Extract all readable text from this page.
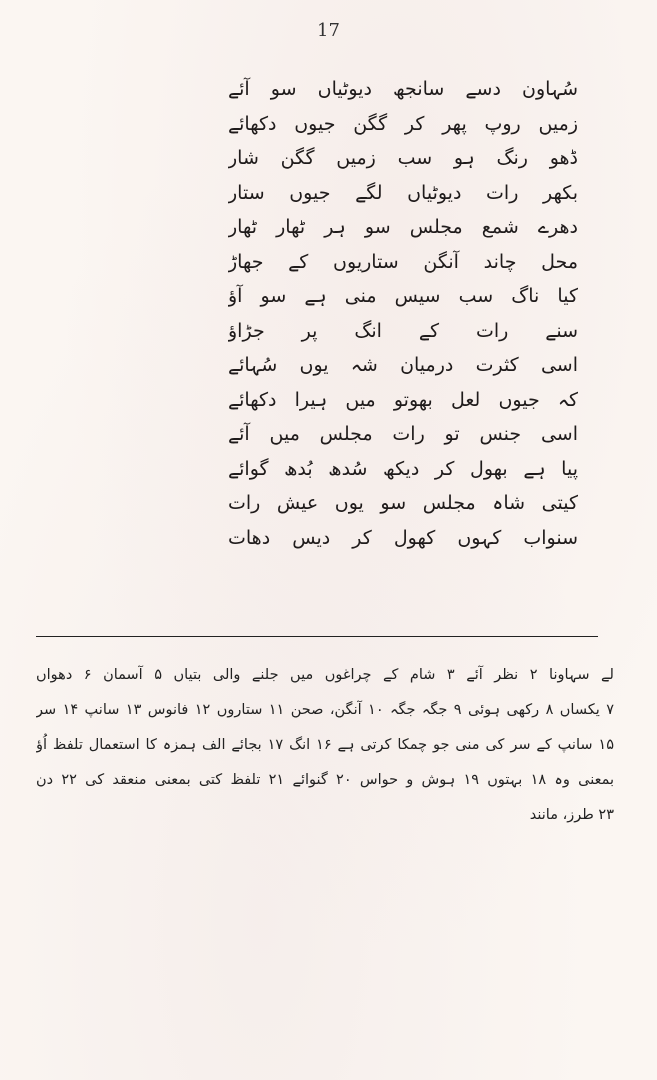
17
سُہاون دسے سانجھ دیوٹیاں سو آئے
زمیں روپ پھر کر گگن جیوں دکھائے
ڈھو رنگ ہو سب زمیں گگن شار
بکھر رات دیوٹیاں لگے جیوں ستار
دھرے شمع مجلس سو ہر ٹھار ٹھار
محل چاند آنگن ستاریوں کے جھاڑ
کیا ناگ سب سیس منی ہے سو آؤ
سنے رات کے انگ پر جڑاؤ
اسی کثرت درمیان شہ یوں سُہائے
کہ جیوں لعل بھوتو میں ہیرا دکھائے
اسی جنس تو رات مجلس میں آئے
پیا ہے بھول کر دیکھ سُدھ بُدھ گوائے
کیتی شاہ مجلس سو یوں عیش رات
سنواب کہوں کھول کر دیس دھات
لے سہاونا ۲ نظر آئے ۳ شام کے چراغوں میں جلنے والی بتیاں ۵ آسمان ۶ دھواں
۷ یکساں ۸ رکھی ہوئی ۹ جگہ جگہ ۱۰ آنگن، صحن ۱۱ ستاروں ۱۲ فانوس ۱۳ سانپ ۱۴ سر
۱۵ سانپ کے سر کی منی جو چمکا کرتی ہے ۱۶ انگ ۱۷ بجائے الف ہمزہ کا استعمال تلفظ اُؤ
بمعنی وہ ۱۸ بہتوں ۱۹ ہوش و حواس ۲۰ گنوائے ۲۱ تلفظ کتی بمعنی منعقد کی ۲۲ دن
۲۳ طرز، مانند
